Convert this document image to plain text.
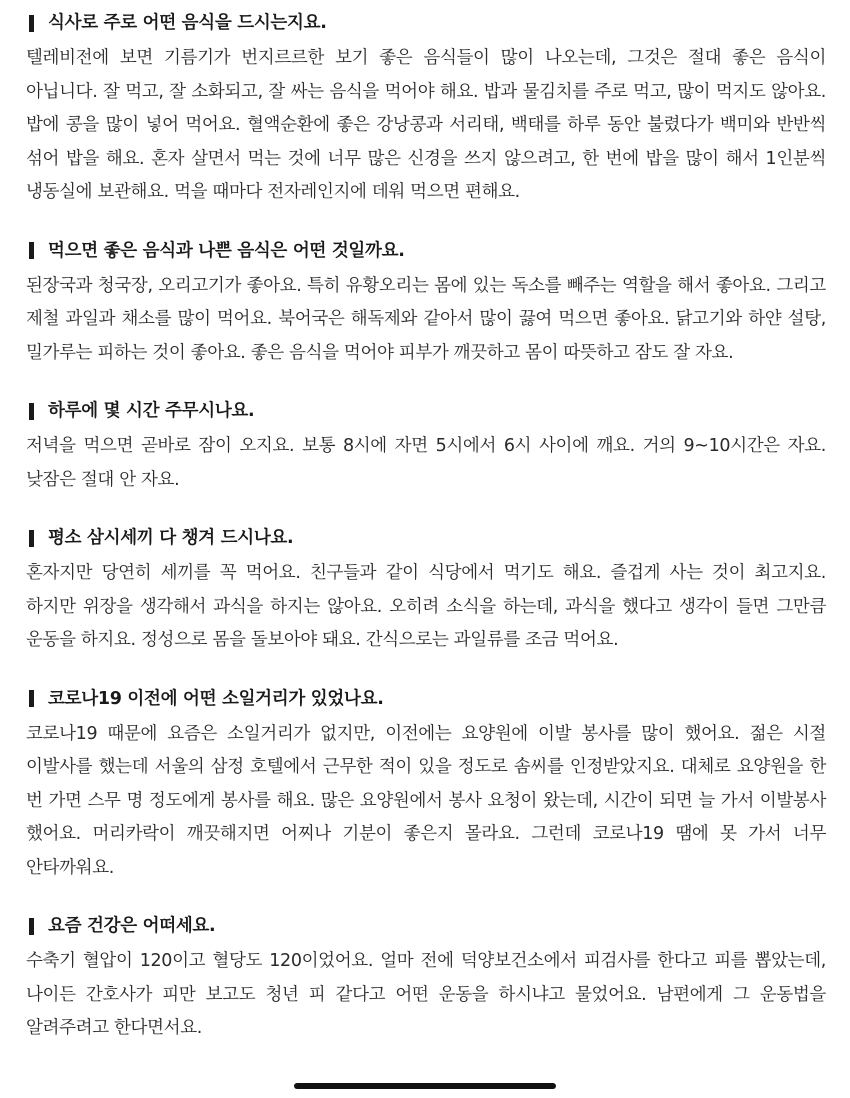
식사로 주로 어떤 음식을 드시는지요.

텔레비전에 보면 기름기가 번지르르한 보기 좋은 음식들이 많이 나오는데, 그것은 절대 좋은 음식이 아닙니다. 잘 먹고, 잘 소화되고, 잘 싸는 음식을 먹어야 해요. 밥과 물김치를 주로 먹고, 많이 먹지도 않아요. 밥에 콩을 많이 넣어 먹어요. 혈액순환에 좋은 강낭콩과 서리태, 백태를 하루 동안 불렸다가 백미와 반반씩 섞어 밥을 해요. 혼자 살면서 먹는 것에 너무 많은 신경을 쓰지 않으려고, 한 번에 밥을 많이 해서 1인분씩 냉동실에 보관해요. 먹을 때마다 전자레인지에 데워 먹으면 편해요.

먹으면 좋은 음식과 나쁜 음식은 어떤 것일까요.

된장국과 청국장, 오리고기가 좋아요. 특히 유황오리는 몸에 있는 독소를 빼주는 역할을 해서 좋아요. 그리고 제철 과일과 채소를 많이 먹어요. 북어국은 해독제와 같아서 많이 끓여 먹으면 좋아요. 닭고기와 하얀 설탕, 밀가루는 피하는 것이 좋아요. 좋은 음식을 먹어야 피부가 깨끗하고 몸이 따뜻하고 잠도 잘 자요.

하루에 몇 시간 주무시나요.

저녁을 먹으면 곧바로 잠이 오지요. 보통 8시에 자면 5시에서 6시 사이에 깨요. 거의 9~10시간은 자요. 낮잠은 절대 안 자요.

평소 삼시세끼 다 챙겨 드시나요.

혼자지만 당연히 세끼를 꼭 먹어요. 친구들과 같이 식당에서 먹기도 해요. 즐겁게 사는 것이 최고지요. 하지만 위장을 생각해서 과식을 하지는 않아요. 오히려 소식을 하는데, 과식을 했다고 생각이 들면 그만큼 운동을 하지요. 정성으로 몸을 돌보아야 돼요. 간식으로는 과일류를 조금 먹어요.

코로나19 이전에 어떤 소일거리가 있었나요.

코로나19 때문에 요즘은 소일거리가 없지만, 이전에는 요양원에 이발 봉사를 많이 했어요. 젊은 시절 이발사를 했는데 서울의 삼정 호텔에서 근무한 적이 있을 정도로 솜씨를 인정받았지요. 대체로 요양원을 한 번 가면 스무 명 정도에게 봉사를 해요. 많은 요양원에서 봉사 요청이 왔는데, 시간이 되면 늘 가서 이발봉사 했어요. 머리카락이 깨끗해지면 어찌나 기분이 좋은지 몰라요. 그런데 코로나19 땜에 못 가서 너무 안타까워요.

요즘 건강은 어떠세요.

수축기 혈압이 120이고 혈당도 120이었어요. 얼마 전에 덕양보건소에서 피검사를 한다고 피를 뽑았는데, 나이든 간호사가 피만 보고도 청년 피 같다고 어떤 운동을 하시냐고 물었어요. 남편에게 그 운동법을 알려주려고 한다면서요.
